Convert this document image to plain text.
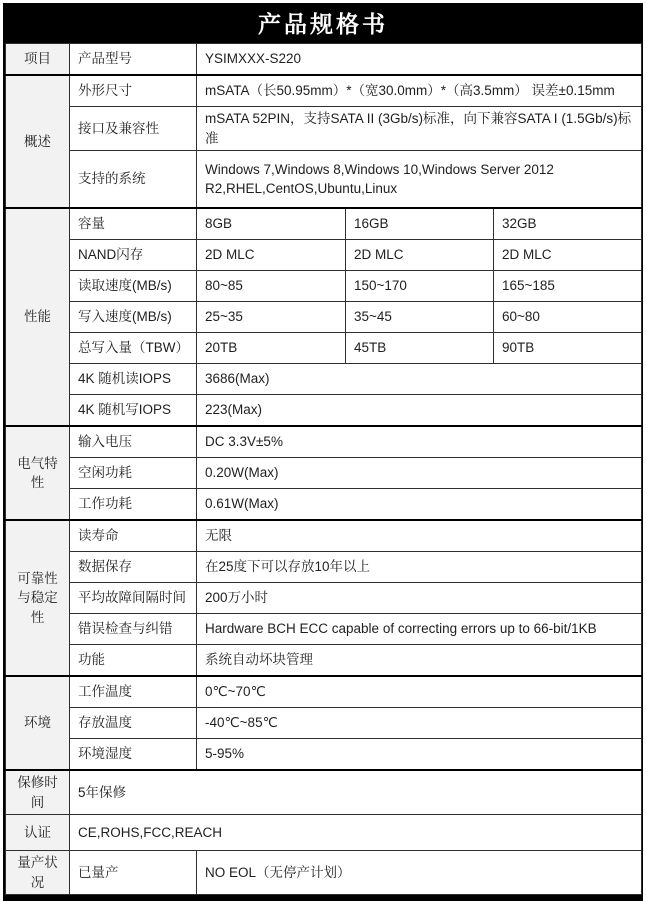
产品规格书
项目	产品型号	YSIMXXX-S220		
概述	外形尺寸	mSATA（长50.95mm）*（宽30.0mm）*（高3.5mm） 误差±0.15mm		
	接口及兼容性	mSATA 52PIN，支持SATA II (3Gb/s)标准，向下兼容SATA I (1.5Gb/s)标准		
	支持的系统	Windows 7,Windows 8,Windows 10,Windows Server 2012 R2,RHEL,CentOS,Ubuntu,Linux		
性能	容量	8GB	16GB	32GB
	NAND闪存	2D MLC	2D MLC	2D MLC
	读取速度(MB/s)	80~85	150~170	165~185
	写入速度(MB/s)	25~35	35~45	60~80
	总写入量（TBW）	20TB	45TB	90TB
	4K 随机读IOPS	3686(Max)		
	4K 随机写IOPS	223(Max)		
电气特性	输入电压	DC 3.3V±5%		
	空闲功耗	0.20W(Max)		
	工作功耗	0.61W(Max)		
可靠性与稳定性	读寿命	无限		
	数据保存	在25度下可以存放10年以上		
	平均故障间隔时间	200万小时		
	错误检查与纠错	Hardware BCH ECC capable of correcting errors up to 66-bit/1KB		
	功能	系统自动坏块管理		
环境	工作温度	0℃~70℃		
	存放温度	-40℃~85℃		
	环境湿度	5-95%		
保修时间	5年保修			
认证	CE,ROHS,FCC,REACH			
量产状况	已量产	NO EOL（无停产计划）		
